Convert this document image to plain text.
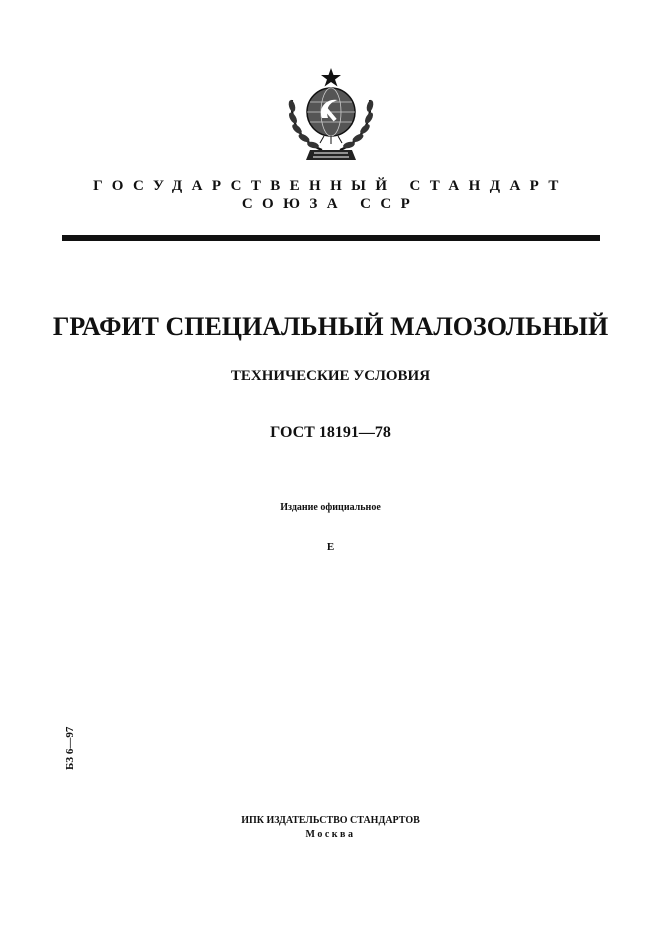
ГОСУДАРСТВЕННЫЙ СТАНДАРТ
СОЮЗА ССР
ГРАФИТ СПЕЦИАЛЬНЫЙ МАЛОЗОЛЬНЫЙ
ТЕХНИЧЕСКИЕ УСЛОВИЯ
ГОСТ 18191—78
Издание официальное
Е
БЗ 6—97
ИПК ИЗДАТЕЛЬСТВО СТАНДАРТОВ
Москва
